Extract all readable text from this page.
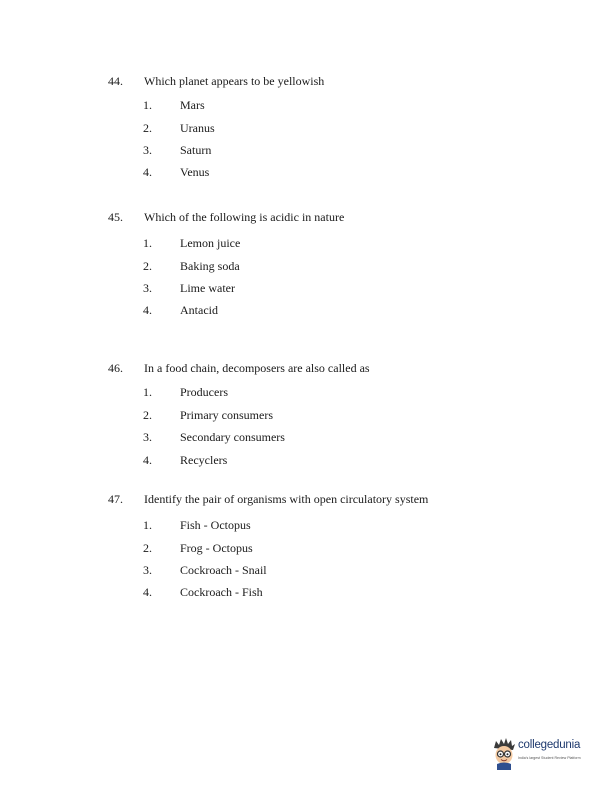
44. Which planet appears to be yellowish
1. Mars
2. Uranus
3. Saturn
4. Venus
45. Which of the following is acidic in nature
1. Lemon juice
2. Baking soda
3. Lime water
4. Antacid
46. In a food chain, decomposers are also called as
1. Producers
2. Primary consumers
3. Secondary consumers
4. Recyclers
47. Identify the pair of organisms with open circulatory system
1. Fish - Octopus
2. Frog - Octopus
3. Cockroach - Snail
4. Cockroach - Fish
collegedunia
India's largest Student Review Platform
